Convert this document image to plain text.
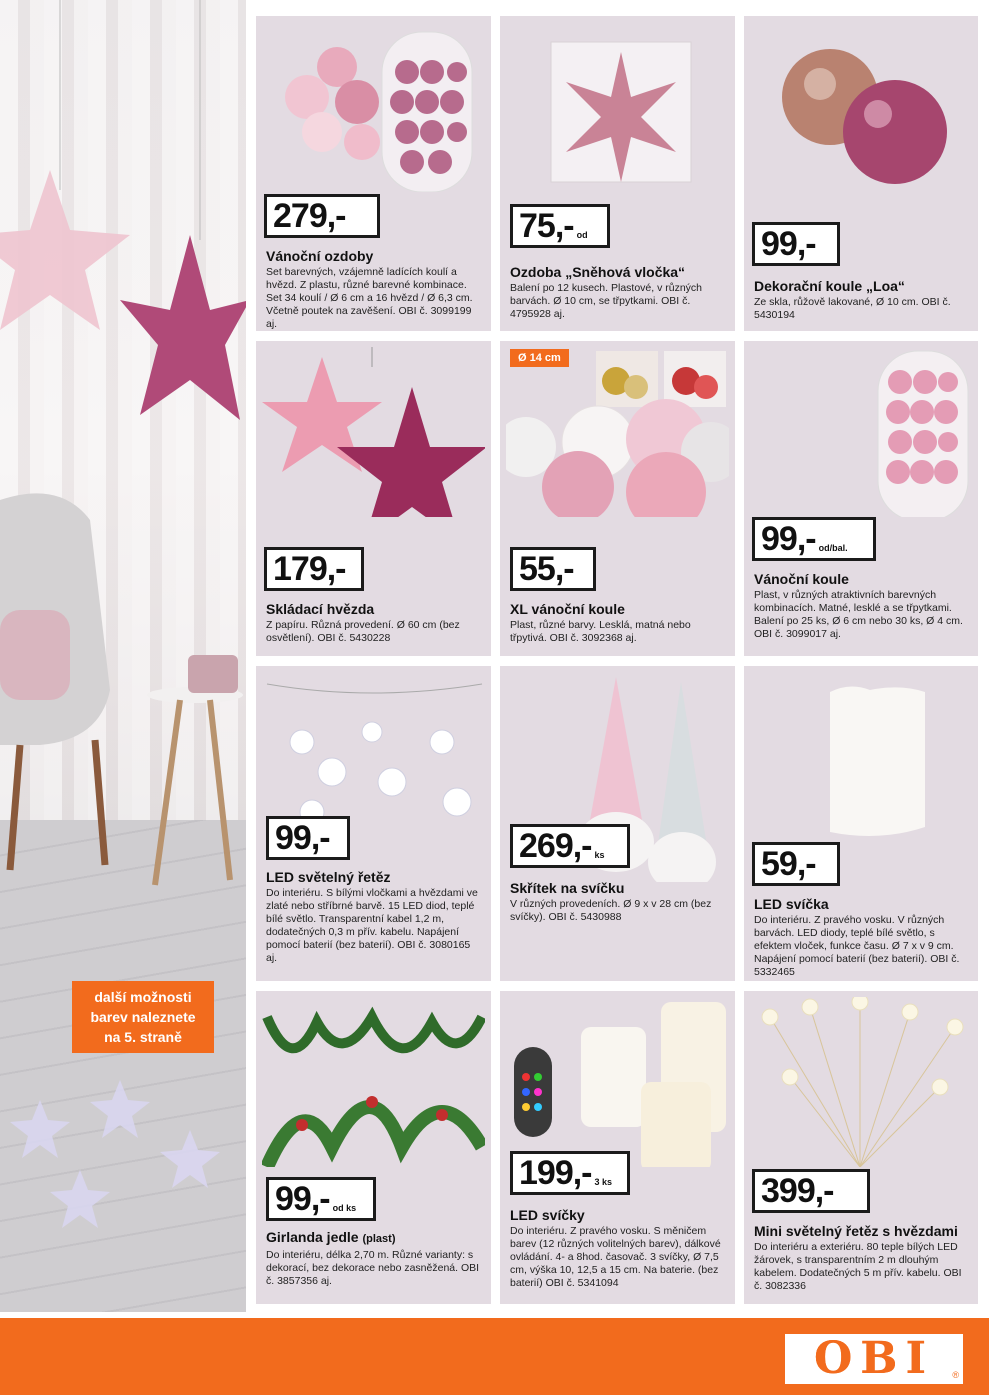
další možnosti
barev naleznete
na 5. straně
279,-
Vánoční ozdoby
Set barevných, vzájemně ladících koulí a hvězd. Z plastu, různé barevné kombinace. Set 34 koulí / Ø 6 cm a 16 hvězd / Ø 6,3 cm. Včetně poutek na zavěšení. OBI č. 3099199 aj.
75,- od
Ozdoba „Sněhová vločka“
Balení po 12 kusech. Plastové, v různých barvách. Ø 10 cm, se třpytkami. OBI č. 4795928 aj.
99,-
Dekorační koule „Loa“
Ze skla, růžově lakované, Ø 10 cm. OBI č. 5430194
179,-
Skládací hvězda
Z papíru. Různá provedení. Ø 60 cm (bez osvětlení). OBI č. 5430228
Ø 14 cm
55,-
XL vánoční koule
Plast, různé barvy. Lesklá, matná nebo třpytivá. OBI č. 3092368 aj.
99,- od/bal.
Vánoční koule
Plast, v různých atraktivních barevných kombinacích. Matné, lesklé a se třpytkami. Balení po 25 ks, Ø 6 cm nebo 30 ks, Ø 4 cm. OBI č. 3099017 aj.
99,-
LED světelný řetěz
Do interiéru. S bílými vločkami a hvězdami ve zlaté nebo stříbrné barvě. 15 LED diod, teplé bílé světlo. Transparentní kabel 1,2 m, dodatečných 0,3 m přív. kabelu. Napájení pomocí baterií (bez baterií). OBI č. 3080165 aj.
269,- ks
Skřítek na svíčku
V různých provedeních. Ø 9 x v 28 cm (bez svíčky). OBI č. 5430988
59,-
LED svíčka
Do interiéru. Z pravého vosku. V různých barvách. LED diody, teplé bílé světlo, s efektem vloček, funkce času. Ø 7 x v 9 cm. Napájení pomocí baterií (bez baterií). OBI č. 5332465
99,- od ks
Girlanda jedle (plast)
Do interiéru, délka 2,70 m. Různé varianty: s dekorací, bez dekorace nebo zasněžená. OBI č. 3857356 aj.
199,- 3 ks
LED svíčky
Do interiéru. Z pravého vosku. S měničem barev (12 různých volitelných barev), dálkové ovládání. 4- a 8hod. časovač. 3 svíčky, Ø 7,5 cm, výška 10, 12,5 a 15 cm. Na baterie. (bez baterií) OBI č. 5341094
399,-
Mini světelný řetěz s hvězdami
Do interiéru a exteriéru. 80 teple bílých LED žárovek, s transparentním 2 m dlouhým kabelem. Dodatečných 5 m přív. kabelu. OBI č. 3082336
OBI ®
